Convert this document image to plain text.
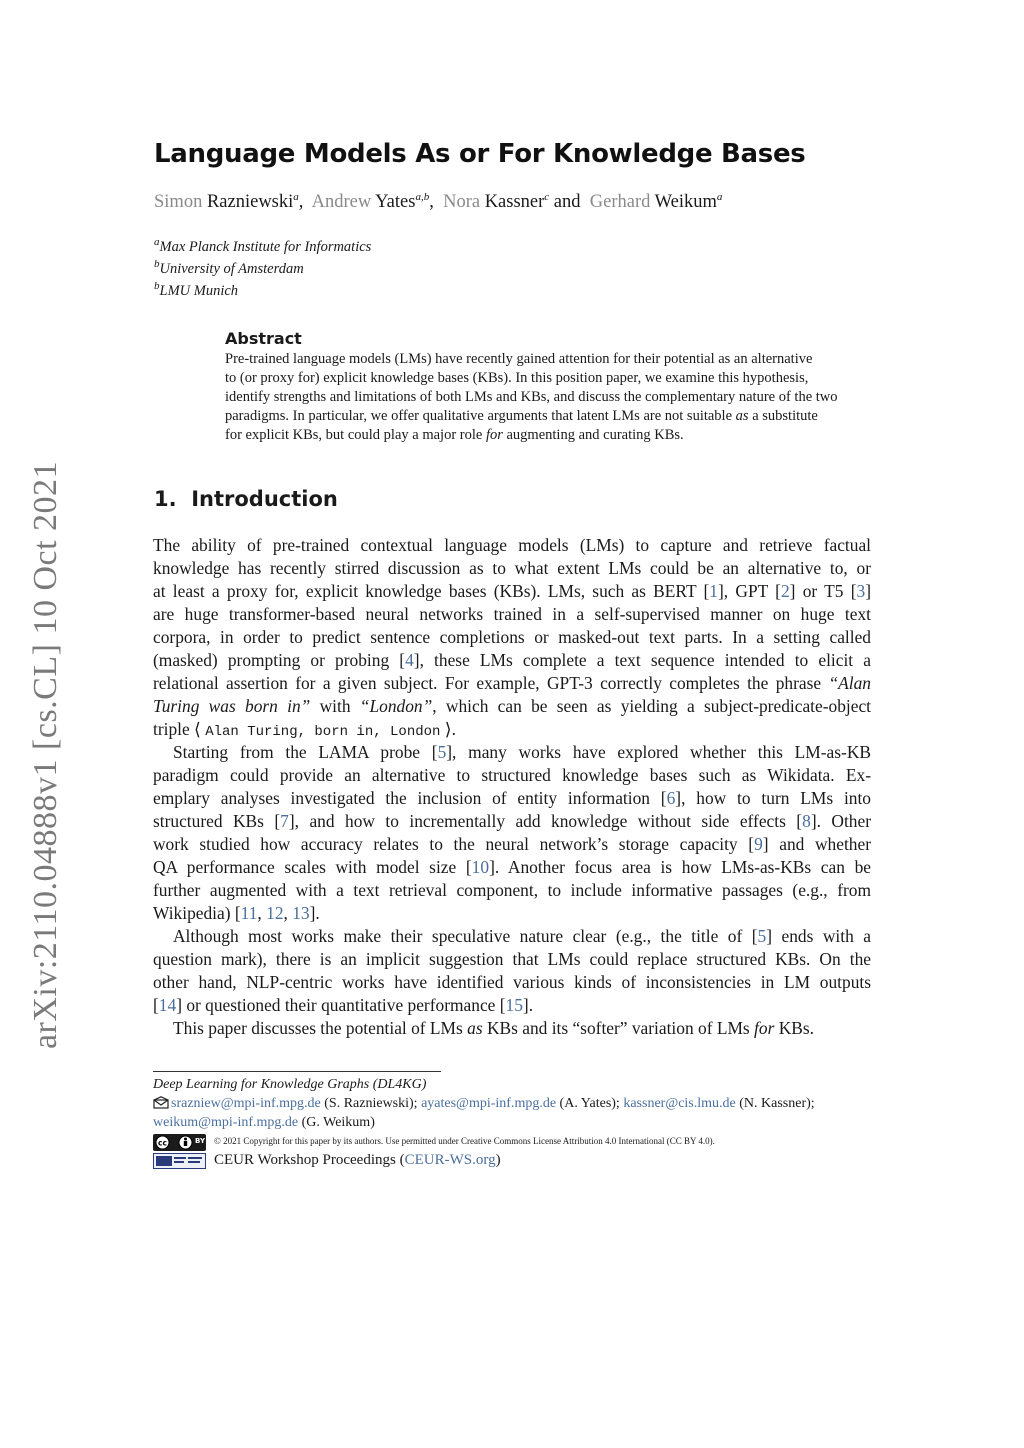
arXiv:2110.04888v1 [cs.CL] 10 Oct 2021
Language Models As or For Knowledge Bases
Simon Razniewski$^a$, Andrew Yates$^{a,b}$, Nora Kassner$^c$ and Gerhard Weikum$^a$
$^a$Max Planck Institute for Informatics
$^b$University of Amsterdam
$^b$LMU Munich
Abstract
Pre-trained language models (LMs) have recently gained attention for their potential as an alternative
to (or proxy for) explicit knowledge bases (KBs). In this position paper, we examine this hypothesis,
identify strengths and limitations of both LMs and KBs, and discuss the complementary nature of the two
paradigms. In particular, we offer qualitative arguments that latent LMs are not suitable as a substitute
for explicit KBs, but could play a major role for augmenting and curating KBs.
1. Introduction
The ability of pre-trained contextual language models (LMs) to capture and retrieve factual
knowledge has recently stirred discussion as to what extent LMs could be an alternative to, or
at least a proxy for, explicit knowledge bases (KBs). LMs, such as BERT [1], GPT [2] or T5 [3]
are huge transformer-based neural networks trained in a self-supervised manner on huge text
corpora, in order to predict sentence completions or masked-out text parts. In a setting called
(masked) prompting or probing [4], these LMs complete a text sequence intended to elicit a
relational assertion for a given subject. For example, GPT-3 correctly completes the phrase “Alan
Turing was born in” with “London”, which can be seen as yielding a subject-predicate-object
triple ⟨ Alan Turing, born in, London ⟩.
Starting from the LAMA probe [5], many works have explored whether this LM-as-KB
paradigm could provide an alternative to structured knowledge bases such as Wikidata. Ex-
emplary analyses investigated the inclusion of entity information [6], how to turn LMs into
structured KBs [7], and how to incrementally add knowledge without side effects [8]. Other
work studied how accuracy relates to the neural network’s storage capacity [9] and whether
QA performance scales with model size [10]. Another focus area is how LMs-as-KBs can be
further augmented with a text retrieval component, to include informative passages (e.g., from
Wikipedia) [11, 12, 13].
Although most works make their speculative nature clear (e.g., the title of [5] ends with a
question mark), there is an implicit suggestion that LMs could replace structured KBs. On the
other hand, NLP-centric works have identified various kinds of inconsistencies in LM outputs
[14] or questioned their quantitative performance [15].
This paper discusses the potential of LMs as KBs and its “softer” variation of LMs for KBs.
Deep Learning for Knowledge Graphs (DL4KG)
srazniew@mpi-inf.mpg.de (S. Razniewski); ayates@mpi-inf.mpg.de (A. Yates); kassner@cis.lmu.de (N. Kassner);
weikum@mpi-inf.mpg.de (G. Weikum)
cc	BY © 2021 Copyright for this paper by its authors. Use permitted under Creative Commons License Attribution 4.0 International (CC BY 4.0).
CEUR Workshop Proceedings (CEUR-WS.org)
